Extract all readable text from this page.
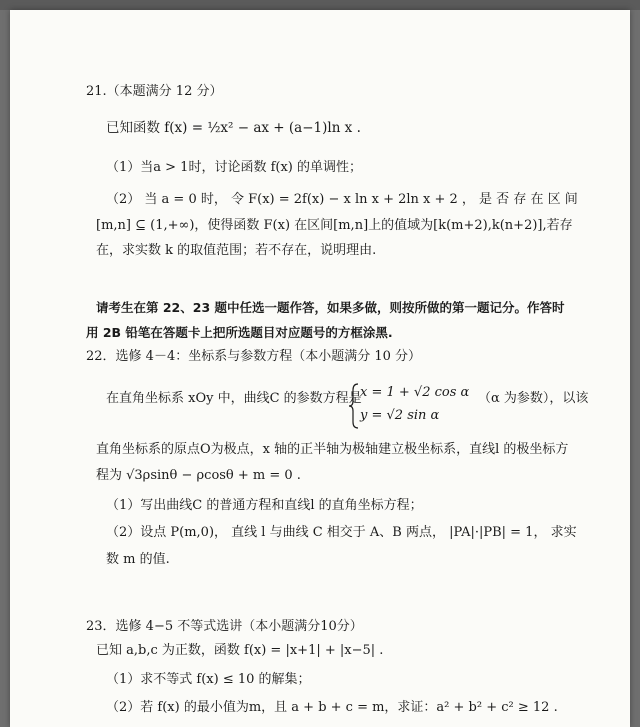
21.（本题满分 12 分）
已知函数 f(x) = ½x² − ax + (a−1)ln x .
（1）当a > 1时，讨论函数 f(x) 的单调性；
（2） 当 a = 0 时， 令 F(x) = 2f(x) − x ln x + 2ln x + 2 ， 是 否 存 在 区 间
[m,n] ⊆ (1,+∞)，使得函数 F(x) 在区间[m,n]上的值域为[k(m+2),k(n+2)],若存
在，求实数 k 的取值范围；若不存在，说明理由.
请考生在第 22、23 题中任选一题作答，如果多做，则按所做的第一题记分。作答时
用 2B 铅笔在答题卡上把所选题目对应题号的方框涂黑.
22．选修 4－4：坐标系与参数方程（本小题满分 10 分）
在直角坐标系 xOy 中，曲线C 的参数方程是
x = 1 + √2 cos α
y = √2 sin α
（α 为参数），以该
直角坐标系的原点O为极点，x 轴的正半轴为极轴建立极坐标系，直线l 的极坐标方
程为 √3ρsinθ − ρcosθ + m = 0 .
（1）写出曲线C 的普通方程和直线l 的直角坐标方程；
（2）设点 P(m,0)， 直线 l 与曲线 C 相交于 A、B 两点， |PA|·|PB| = 1， 求实
数 m 的值.
23．选修 4−5 不等式选讲（本小题满分10分）
已知 a,b,c 为正数，函数 f(x) = |x+1| + |x−5| .
（1）求不等式 f(x) ≤ 10 的解集；
（2）若 f(x) 的最小值为m，且 a + b + c = m，求证：a² + b² + c² ≥ 12 .
